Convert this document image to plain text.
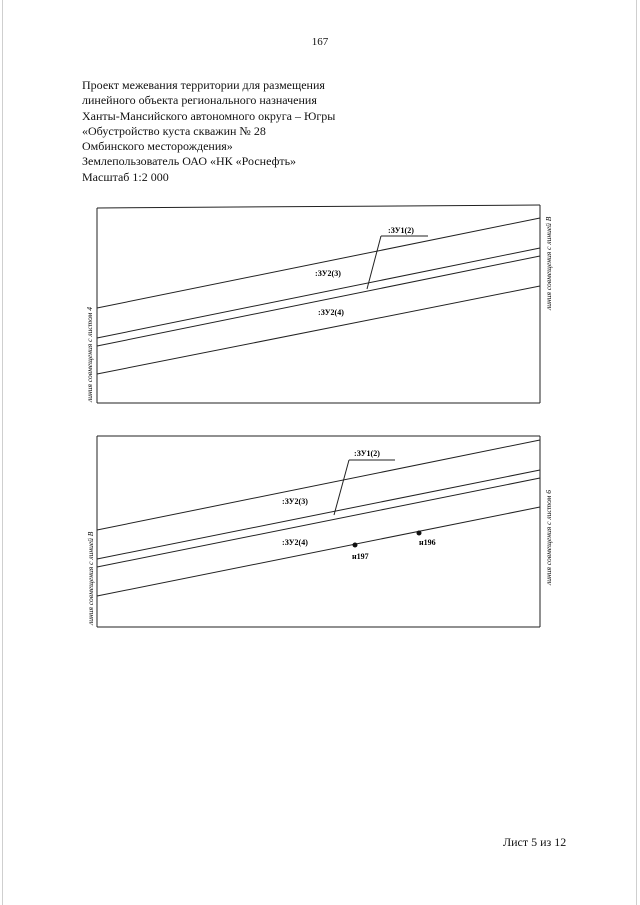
167
Проект межевания территории для размещения
линейного объекта регионального назначения
Ханты-Мансийского автономного округа – Югры
«Обустройство куста скважин № 28
Омбинского месторождения»
Землепользователь ОАО «НК «Роснефть»
Масштаб 1:2 000
:ЗУ1(2)
:ЗУ2(3)
:ЗУ2(4)
линия совмещения с листом 4
линия совмещения с линией В
:ЗУ1(2)
:ЗУ2(3)
:ЗУ2(4)
н197
н196
линия совмещения с линией В	линия совмещения с листом 6
Лист 5 из 12
